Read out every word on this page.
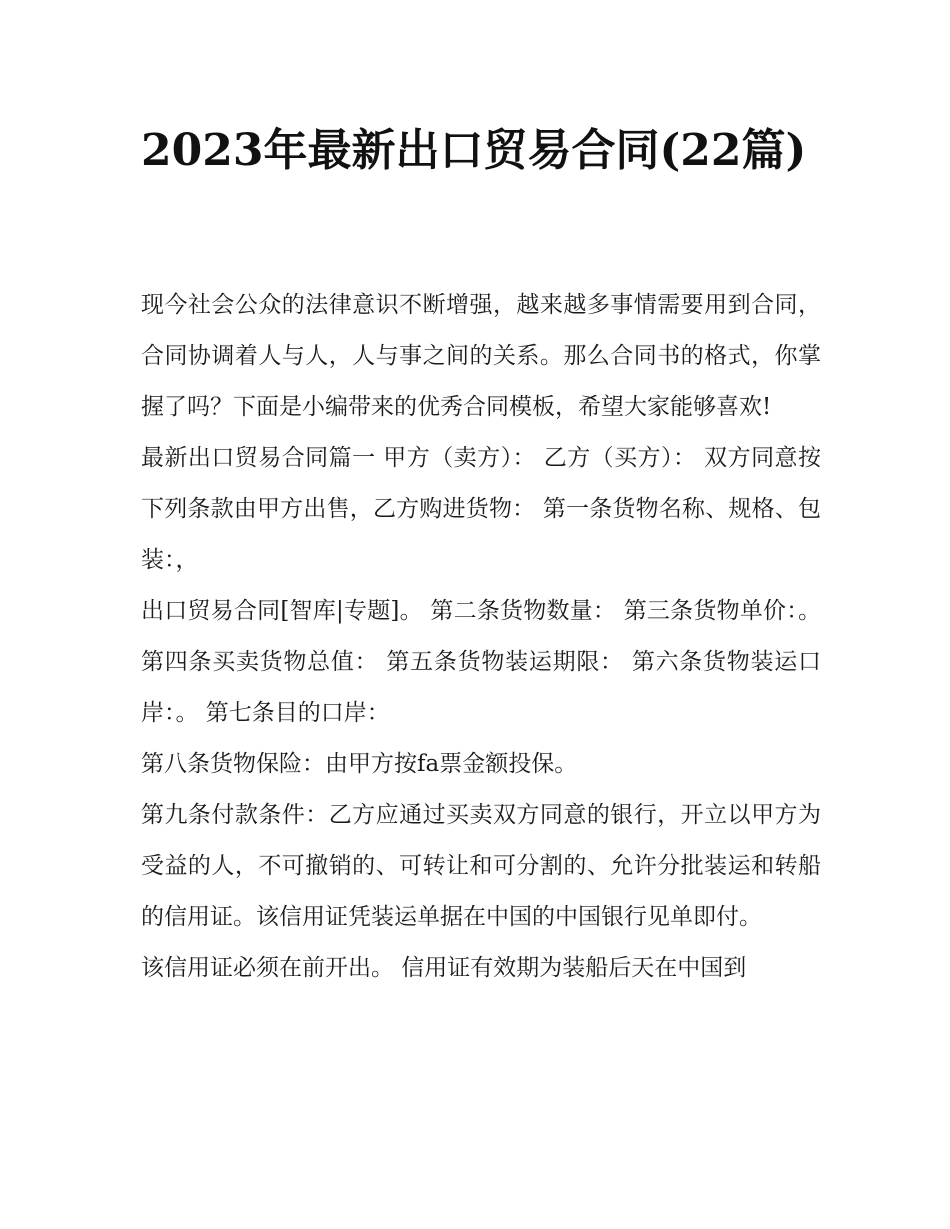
2023年最新出口贸易合同(22篇)

现今社会公众的法律意识不断增强，越来越多事情需要用到合同，合同协调着人与人，人与事之间的关系。那么合同书的格式，你掌握了吗？下面是小编带来的优秀合同模板，希望大家能够喜欢!

最新出口贸易合同篇一 甲方（卖方）： 乙方（买方）： 双方同意按下列条款由甲方出售，乙方购进货物： 第一条货物名称、规格、包装：，

出口贸易合同[智库|专题]。 第二条货物数量： 第三条货物单价：。 第四条买卖货物总值： 第五条货物装运期限： 第六条货物装运口岸：。 第七条目的口岸：

第八条货物保险：由甲方按fa票金额投保。

第九条付款条件：乙方应通过买卖双方同意的银行，开立以甲方为受益的人，不可撤销的、可转让和可分割的、允许分批装运和转船的信用证。该信用证凭装运单据在中国的中国银行见单即付。

该信用证必须在前开出。 信用证有效期为装船后天在中国到
